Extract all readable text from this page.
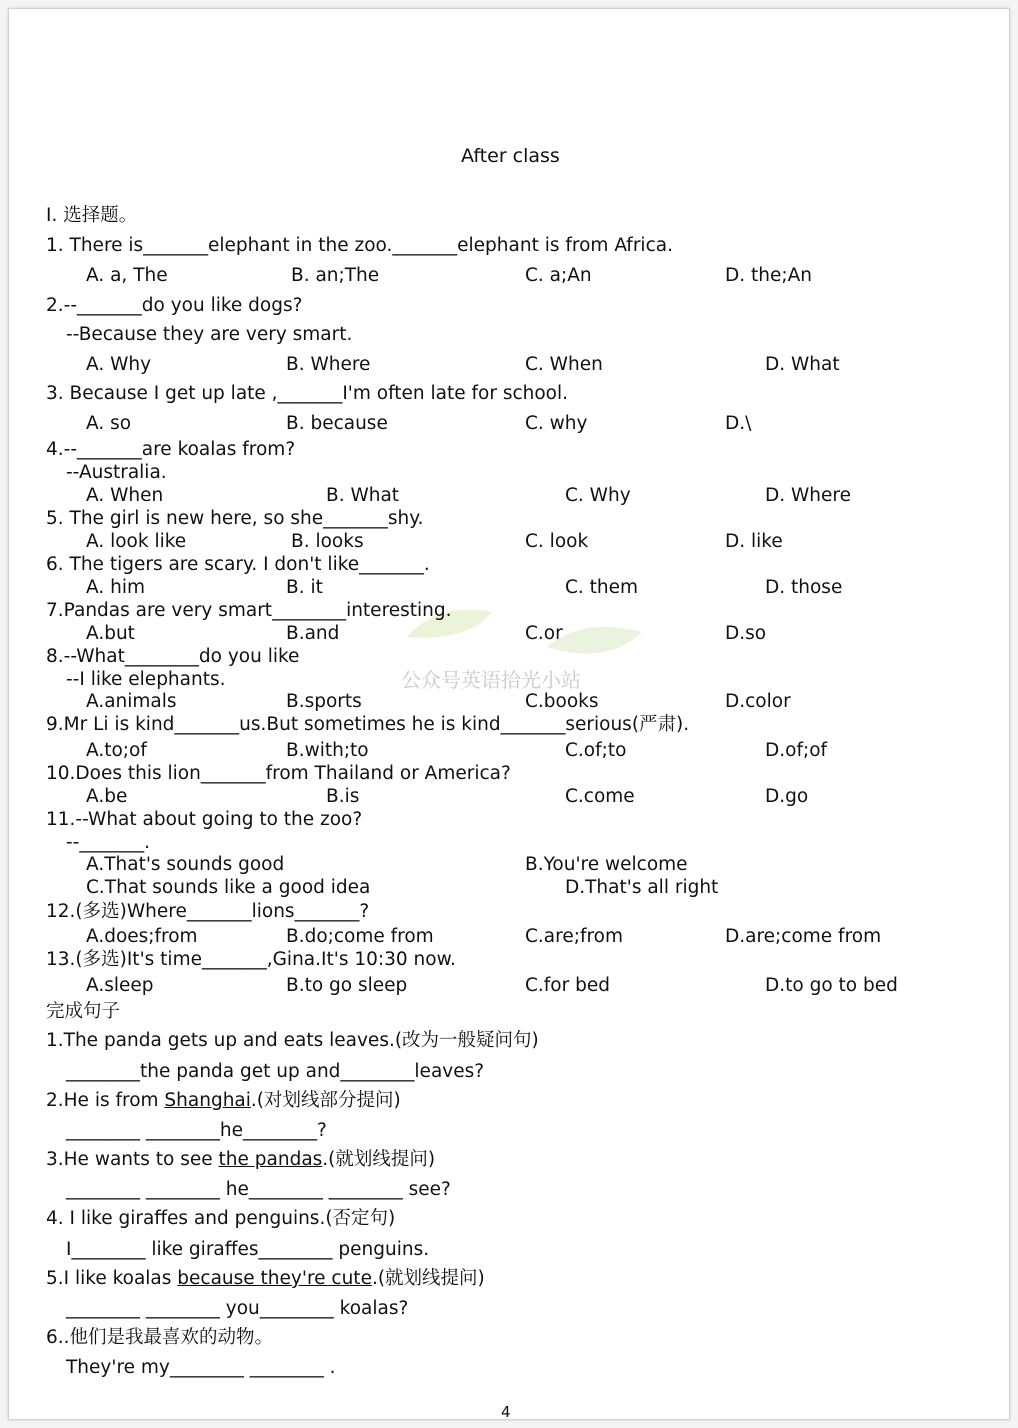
公众号英语拾光小站
After class
I. 选择题。
1. There is_______elephant in the zoo._______elephant is from Africa.
A. a, The	B. an;The	C. a;An	D. the;An
2.--_______do you like dogs?
--Because they are very smart.
A. Why	B. Where	C. When	D. What
3. Because I get up late ,_______I'm often late for school.
A. so	B. because	C. why	D.\
4.--_______are koalas from?
--Australia.
A. When	B. What	C. Why	D. Where
5. The girl is new here, so she_______shy.
A. look like	B. looks	C. look	D. like
6. The tigers are scary. I don't like_______.
A. him	B. it	C. them	D. those
7.Pandas are very smart________interesting.
A.but	B.and	C.or	D.so
8.--What________do you like
--I like elephants.
A.animals	B.sports	C.books	D.color
9.Mr Li is kind_______us.But sometimes he is kind_______serious(严肃).
A.to;of	B.with;to	C.of;to	D.of;of
10.Does this lion_______from Thailand or America?
A.be	B.is	C.come	D.go
11.--What about going to the zoo?
--_______.
A.That's sounds good	B.You're welcome
C.That sounds like a good idea	D.That's all right
12.(多选)Where_______lions_______?
A.does;from	B.do;come from	C.are;from	D.are;come from
13.(多选)It's time_______,Gina.It's 10:30 now.
A.sleep	B.to go sleep	C.for bed	D.to go to bed
完成句子
1.The panda gets up and eats leaves.(改为一般疑问句)
________the panda get up and________leaves?
2.He is from Shanghai.(对划线部分提问)
________ ________he________?
3.He wants to see the pandas.(就划线提问)
________ ________ he________ ________ see?
4. I like giraffes and penguins.(否定句)
I________ like giraffes________ penguins.
5.I like koalas because they're cute.(就划线提问)
________ ________ you________ koalas?
6..他们是我最喜欢的动物。
They're my________ ________ .
4
